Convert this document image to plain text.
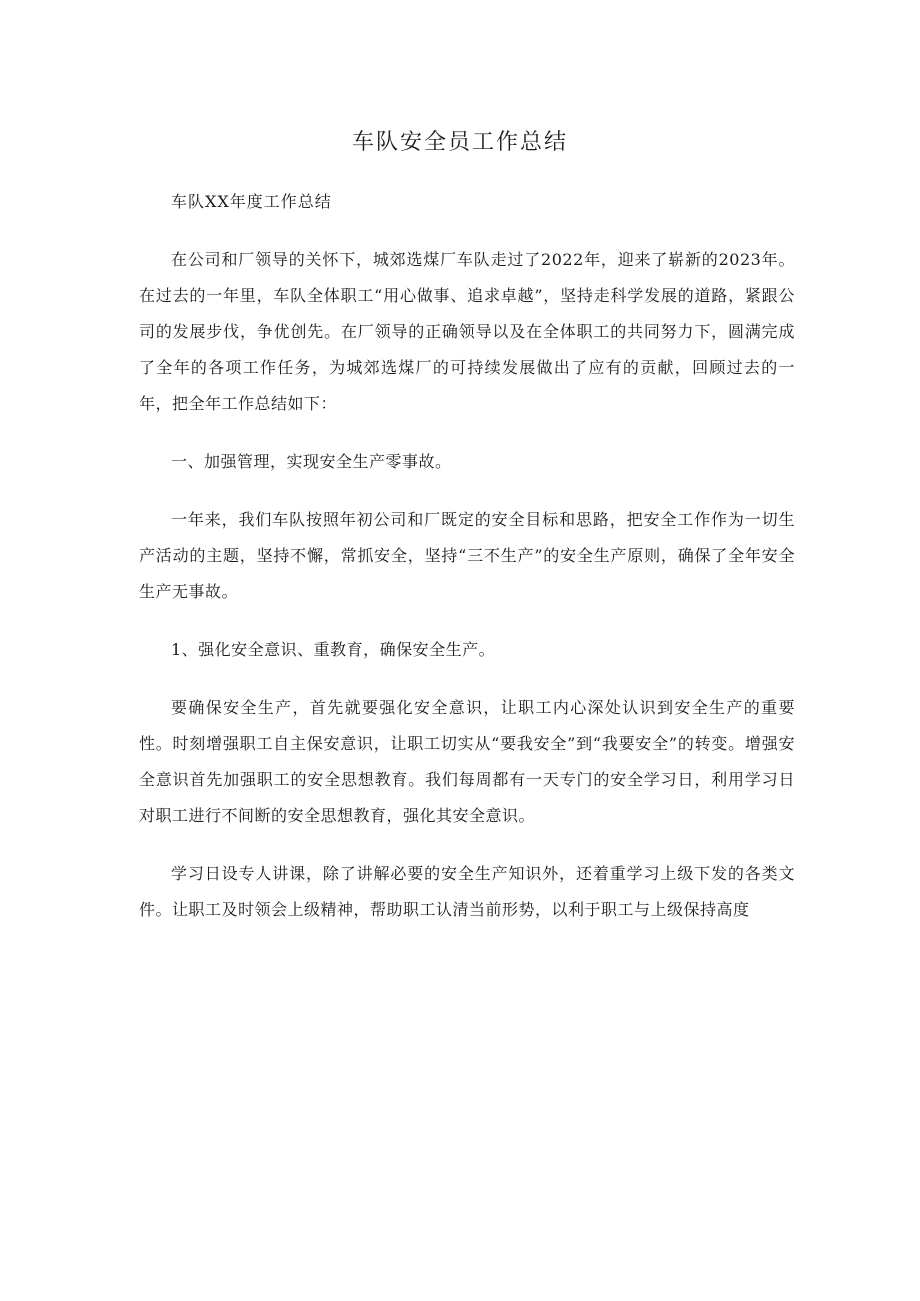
车队安全员工作总结

车队XX年度工作总结

在公司和厂领导的关怀下，城郊选煤厂车队走过了2022年，迎来了崭新的2023年。在过去的一年里，车队全体职工“用心做事、追求卓越”，坚持走科学发展的道路，紧跟公司的发展步伐，争优创先。在厂领导的正确领导以及在全体职工的共同努力下，圆满完成了全年的各项工作任务，为城郊选煤厂的可持续发展做出了应有的贡献，回顾过去的一年，把全年工作总结如下：

一、加强管理，实现安全生产零事故。

一年来，我们车队按照年初公司和厂既定的安全目标和思路，把安全工作作为一切生产活动的主题，坚持不懈，常抓安全，坚持“三不生产”的安全生产原则，确保了全年安全生产无事故。

1、强化安全意识、重教育，确保安全生产。

要确保安全生产，首先就要强化安全意识，让职工内心深处认识到安全生产的重要性。时刻增强职工自主保安意识，让职工切实从“要我安全”到“我要安全”的转变。增强安全意识首先加强职工的安全思想教育。我们每周都有一天专门的安全学习日，利用学习日对职工进行不间断的安全思想教育，强化其安全意识。

学习日设专人讲课，除了讲解必要的安全生产知识外，还着重学习上级下发的各类文件。让职工及时领会上级精神，帮助职工认清当前形势，以利于职工与上级保持高度
